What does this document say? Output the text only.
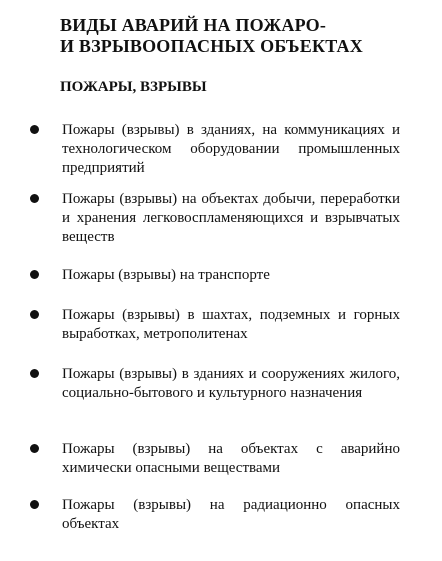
ВИДЫ АВАРИЙ НА ПОЖАРО-
И ВЗРЫВООПАСНЫХ ОБЪЕКТАХ
ПОЖАРЫ, ВЗРЫВЫ

Пожары (взрывы) в зданиях, на коммуникациях и технологическом оборудовании промышленных предприятий

Пожары (взрывы) на объектах добычи, переработки и хранения легковоспламеняющихся и взрывчатых веществ

Пожары (взрывы) на транспорте

Пожары (взрывы) в шахтах, подземных и горных выработках, метрополитенах

Пожары (взрывы) в зданиях и сооружениях жилого, социально-бытового и культурного назначения

Пожары (взрывы) на объектах с аварийно химически опасными веществами

Пожары (взрывы) на радиационно опасных объектах
